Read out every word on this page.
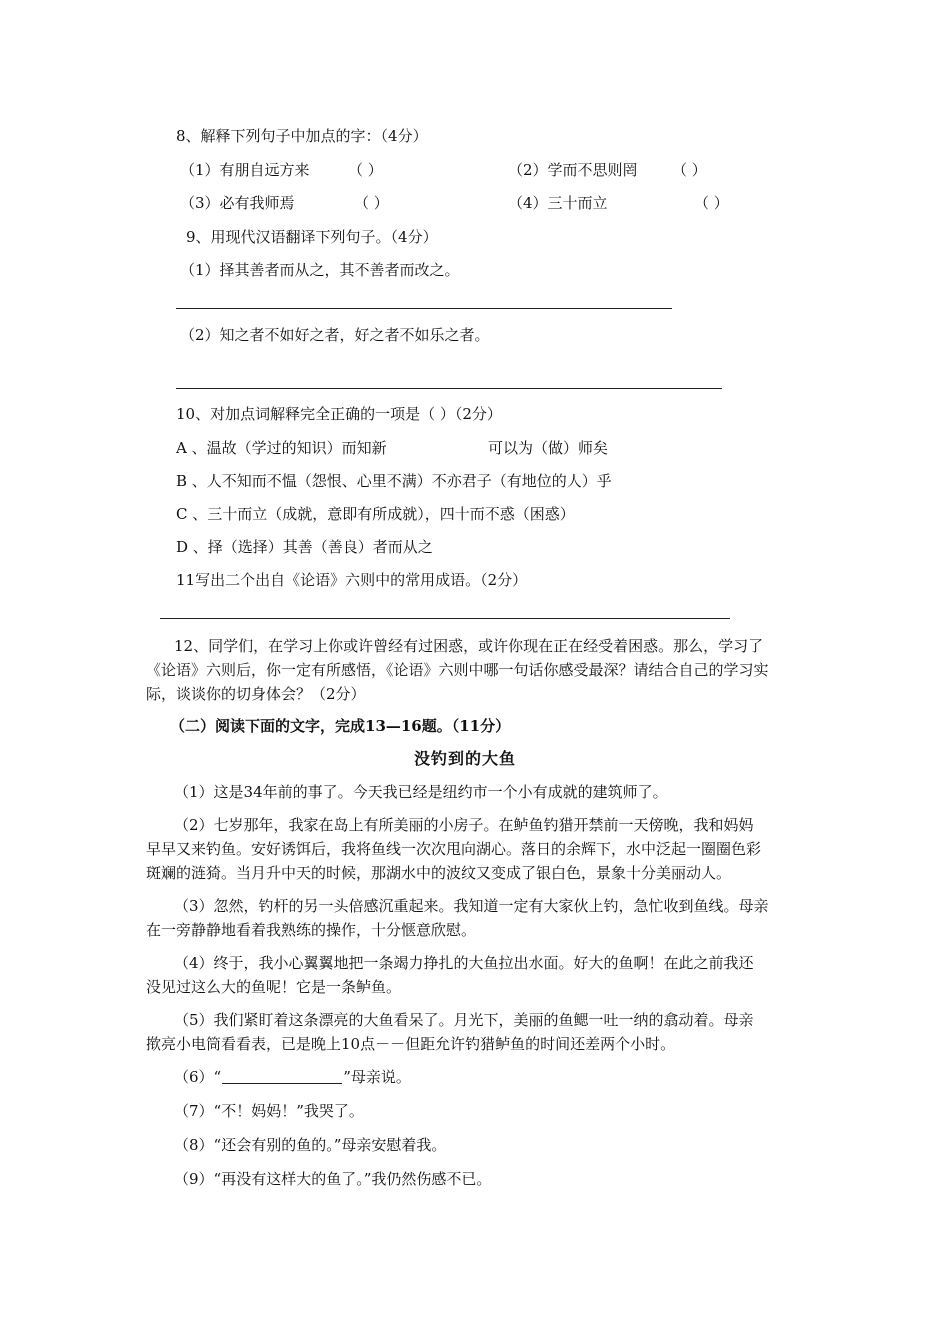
8、解释下列句子中加点的字：（4分）
（1）有朋自远方来	（ ）	（2）学而不思则罔 （ ）
（3）必有我师焉	（ ）	（4）三十而立	（ ）
9、用现代汉语翻译下列句子。（4分）
（1）择其善者而从之，其不善者而改之。
（2）知之者不如好之者，好之者不如乐之者。
10、对加点词解释完全正确的一项是（ ）（2分）
A 、温故（学过的知识）而知新	可以为（做）师矣
B 、人不知而不愠（怨恨、心里不满）不亦君子（有地位的人）乎
C 、三十而立（成就，意即有所成就），四十而不惑（困惑）
D 、择（选择）其善（善良）者而从之
11写出二个出自《论语》六则中的常用成语。（2分）
12、同学们，在学习上你或许曾经有过困惑，或许你现在正在经受着困惑。那么，学习了
《论语》六则后，你一定有所感悟，《论语》六则中哪一句话你感受最深？请结合自己的学习实
际，谈谈你的切身体会？（2分）
（二）阅读下面的文字，完成13—16题。（11分）
没钓到的大鱼
（1）这是34年前的事了。今天我已经是纽约市一个小有成就的建筑师了。
（2）七岁那年，我家在岛上有所美丽的小房子。在鲈鱼钓猎开禁前一天傍晚，我和妈妈
早早又来钓鱼。安好诱饵后，我将鱼线一次次甩向湖心。落日的余辉下，水中泛起一圈圈色彩
斑斓的涟猗。当月升中天的时候，那湖水中的波纹又变成了银白色，景象十分美丽动人。
（3）忽然，钓杆的另一头倍感沉重起来。我知道一定有大家伙上钓，急忙收到鱼线。母亲
在一旁静静地看着我熟练的操作，十分惬意欣慰。
（4）终于，我小心翼翼地把一条竭力挣扎的大鱼拉出水面。好大的鱼啊！在此之前我还
没见过这么大的鱼呢！它是一条鲈鱼。
（5）我们紧盯着这条漂亮的大鱼看呆了。月光下，美丽的鱼鳃一吐一纳的翕动着。母亲
揿亮小电筒看看表，已是晚上10点－－但距允许钓猎鲈鱼的时间还差两个小时。
（6）“	”母亲说。
（7）“不！妈妈！”我哭了。
（8）“还会有别的鱼的。”母亲安慰着我。
（9）“再没有这样大的鱼了。”我仍然伤感不已。
